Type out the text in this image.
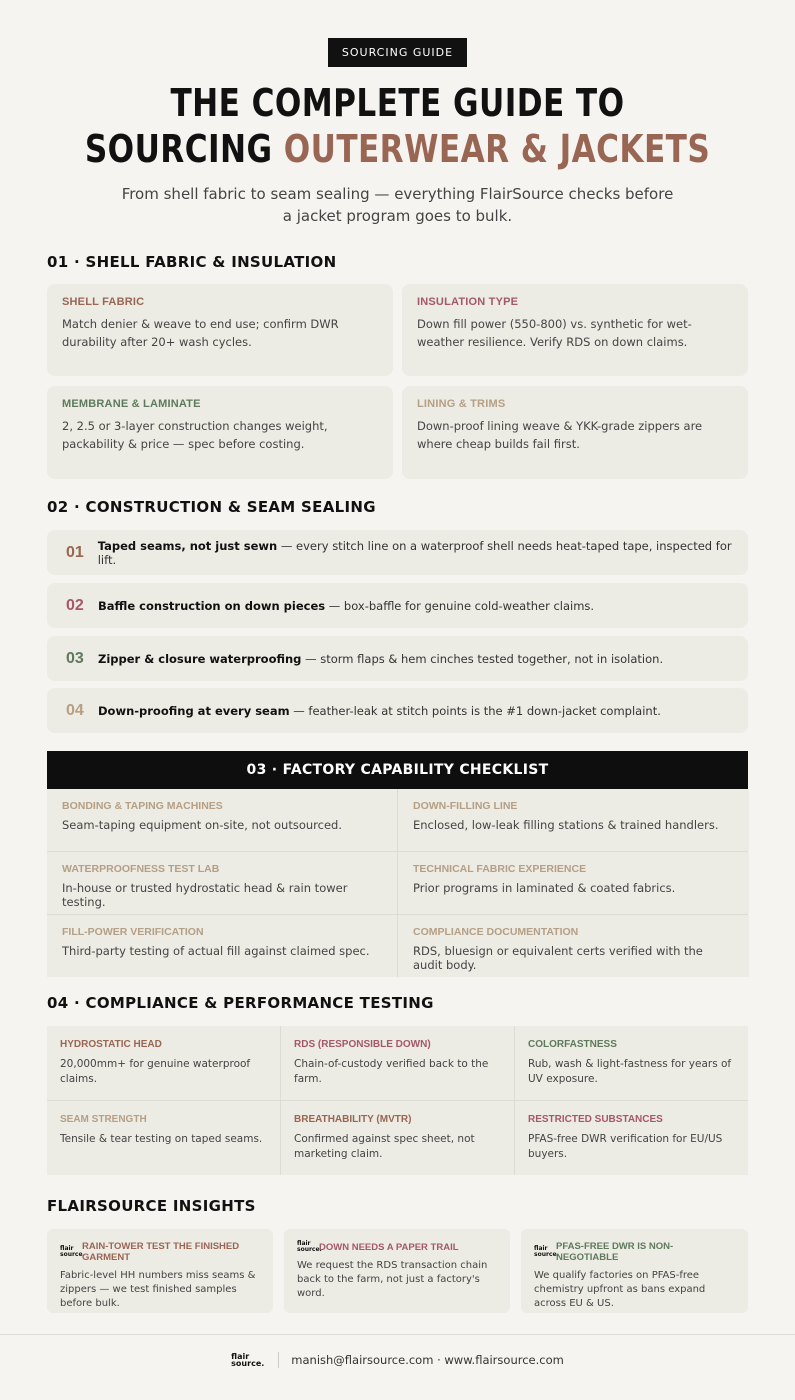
SOURCING GUIDE
THE COMPLETE GUIDE TO
SOURCING OUTERWEAR & JACKETS
From shell fabric to seam sealing — everything FlairSource checks before a jacket program goes to bulk.
01 · SHELL FABRIC & INSULATION
SHELL FABRIC
Match denier & weave to end use; confirm DWR durability after 20+ wash cycles.
INSULATION TYPE
Down fill power (550-800) vs. synthetic for wet-weather resilience. Verify RDS on down claims.
MEMBRANE & LAMINATE
2, 2.5 or 3-layer construction changes weight, packability & price — spec before costing.
LINING & TRIMS
Down-proof lining weave & YKK-grade zippers are where cheap builds fail first.
02 · CONSTRUCTION & SEAM SEALING
01	Taped seams, not just sewn — every stitch line on a waterproof shell needs heat-taped tape, inspected for lift.
02	Baffle construction on down pieces — box-baffle for genuine cold-weather claims.
03	Zipper & closure waterproofing — storm flaps & hem cinches tested together, not in isolation.
04	Down-proofing at every seam — feather-leak at stitch points is the #1 down-jacket complaint.
03 · FACTORY CAPABILITY CHECKLIST
BONDING & TAPING MACHINES
Seam-taping equipment on-site, not outsourced.
DOWN-FILLING LINE
Enclosed, low-leak filling stations & trained handlers.
WATERPROOFNESS TEST LAB
In-house or trusted hydrostatic head & rain tower testing.
TECHNICAL FABRIC EXPERIENCE
Prior programs in laminated & coated fabrics.
FILL-POWER VERIFICATION
Third-party testing of actual fill against claimed spec.
COMPLIANCE DOCUMENTATION
RDS, bluesign or equivalent certs verified with the audit body.
04 · COMPLIANCE & PERFORMANCE TESTING
HYDROSTATIC HEAD
20,000mm+ for genuine waterproof claims.
RDS (RESPONSIBLE DOWN)
Chain-of-custody verified back to the farm.
COLORFASTNESS
Rub, wash & light-fastness for years of UV exposure.
SEAM STRENGTH
Tensile & tear testing on taped seams.
BREATHABILITY (MVTR)
Confirmed against spec sheet, not marketing claim.
RESTRICTED SUBSTANCES
PFAS-free DWR verification for EU/US buyers.
FLAIRSOURCE INSIGHTS
flair
source.
RAIN-TOWER TEST THE FINISHED GARMENT
Fabric-level HH numbers miss seams & zippers — we test finished samples before bulk.
flair
source.
DOWN NEEDS A PAPER TRAIL
We request the RDS transaction chain back to the farm, not just a factory's word.
flair
source.
PFAS-FREE DWR IS NON-NEGOTIABLE
We qualify factories on PFAS-free chemistry upfront as bans expand across EU & US.
flair
source. manish@flairsource.com · www.flairsource.com
